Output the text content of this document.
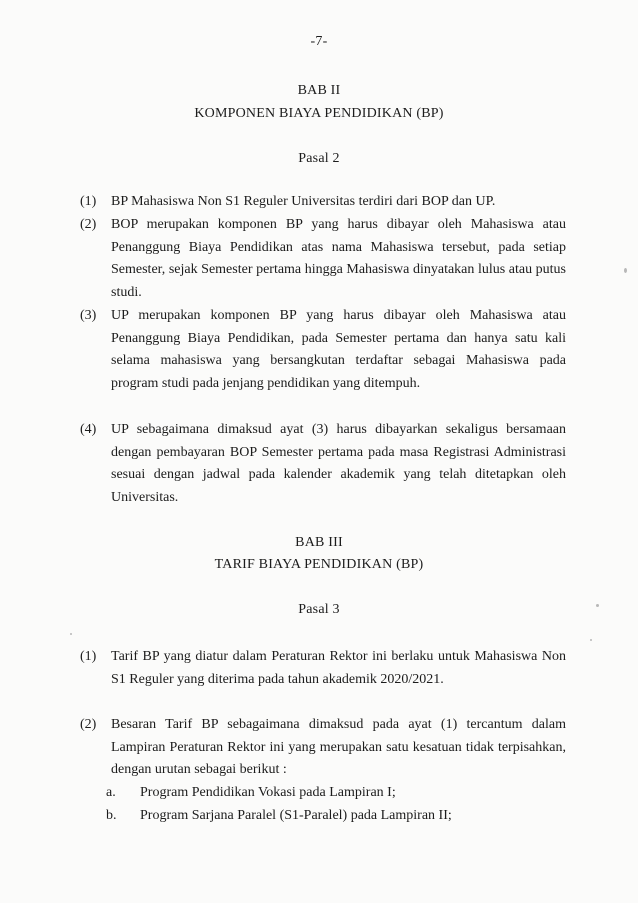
-7-
BAB II
KOMPONEN BIAYA PENDIDIKAN (BP)
Pasal 2
(1)	BP Mahasiswa Non S1 Reguler Universitas terdiri dari BOP dan UP.
(2)	BOP merupakan komponen BP yang harus dibayar oleh Mahasiswa atau Penanggung Biaya Pendidikan atas nama Mahasiswa tersebut, pada setiap Semester, sejak Semester pertama hingga Mahasiswa dinyatakan lulus atau putus studi.
(3)	UP merupakan komponen BP yang harus dibayar oleh Mahasiswa atau Penanggung Biaya Pendidikan, pada Semester pertama dan hanya satu kali selama mahasiswa yang bersangkutan terdaftar sebagai Mahasiswa pada program studi pada jenjang pendidikan yang ditempuh.
(4)	UP sebagaimana dimaksud ayat (3) harus dibayarkan sekaligus bersamaan dengan pembayaran BOP Semester pertama pada masa Registrasi Administrasi sesuai dengan jadwal pada kalender akademik yang telah ditetapkan oleh Universitas.
BAB III
TARIF BIAYA PENDIDIKAN (BP)
Pasal 3
(1)	Tarif BP yang diatur dalam Peraturan Rektor ini berlaku untuk Mahasiswa Non S1 Reguler yang diterima pada tahun akademik 2020/2021.
(2)	Besaran Tarif BP sebagaimana dimaksud pada ayat (1) tercantum dalam Lampiran Peraturan Rektor ini yang merupakan satu kesatuan tidak terpisahkan, dengan urutan sebagai berikut :
a. Program Pendidikan Vokasi pada Lampiran I;
b. Program Sarjana Paralel (S1-Paralel) pada Lampiran II;
